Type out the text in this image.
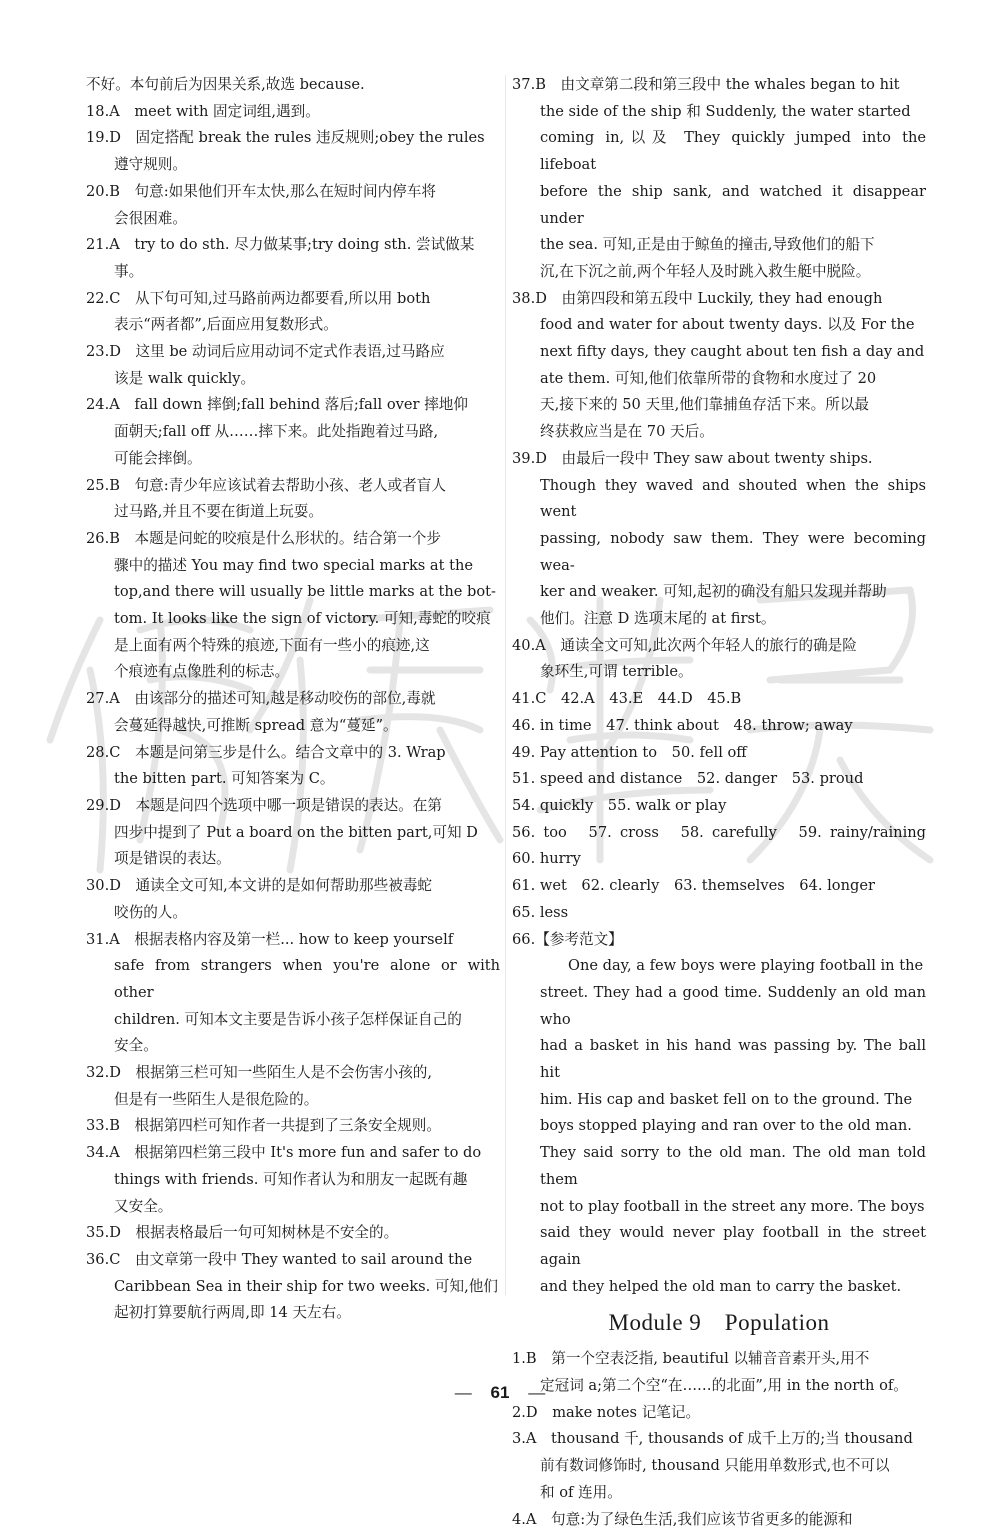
不好。本句前后为因果关系,故选 because.

18.A　meet with 固定词组,遇到。

19.D　固定搭配 break the rules 违反规则;obey the rules

遵守规则。

20.B　句意:如果他们开车太快,那么在短时间内停车将

会很困难。

21.A　try to do sth. 尽力做某事;try doing sth. 尝试做某

事。

22.C　从下句可知,过马路前两边都要看,所以用 both

表示“两者都”,后面应用复数形式。

23.D　这里 be 动词后应用动词不定式作表语,过马路应

该是 walk quickly。

24.A　fall down 摔倒;fall behind 落后;fall over 摔地仰

面朝天;fall off 从……摔下来。此处指跑着过马路,

可能会摔倒。

25.B　句意:青少年应该试着去帮助小孩、老人或者盲人

过马路,并且不要在街道上玩耍。

26.B　本题是问蛇的咬痕是什么形状的。结合第一个步

骤中的描述 You may find two special marks at the

top,and there will usually be little marks at the bot-

tom. It looks like the sign of victory. 可知,毒蛇的咬痕

是上面有两个特殊的痕迹,下面有一些小的痕迹,这

个痕迹有点像胜利的标志。

27.A　由该部分的描述可知,越是移动咬伤的部位,毒就

会蔓延得越快,可推断 spread 意为“蔓延”。

28.C　本题是问第三步是什么。结合文章中的 3. Wrap

the bitten part. 可知答案为 C。

29.D　本题是问四个选项中哪一项是错误的表达。在第

四步中提到了 Put a board on the bitten part,可知 D

项是错误的表达。

30.D　通读全文可知,本文讲的是如何帮助那些被毒蛇

咬伤的人。

31.A　根据表格内容及第一栏... how to keep yourself

safe from strangers when you're alone or with other

children. 可知本文主要是告诉小孩子怎样保证自己的

安全。

32.D　根据第三栏可知一些陌生人是不会伤害小孩的,

但是有一些陌生人是很危险的。

33.B　根据第四栏可知作者一共提到了三条安全规则。

34.A　根据第四栏第三段中 It's more fun and safer to do

things with friends. 可知作者认为和朋友一起既有趣

又安全。

35.D　根据表格最后一句可知树林是不安全的。

36.C　由文章第一段中 They wanted to sail around the

Caribbean Sea in their ship for two weeks. 可知,他们

起初打算要航行两周,即 14 天左右。

37.B　由文章第二段和第三段中 the whales began to hit

the side of the ship 和 Suddenly, the water started

coming in,以及 They quickly jumped into the lifeboat

before the ship sank, and watched it disappear under

the sea. 可知,正是由于鲸鱼的撞击,导致他们的船下

沉,在下沉之前,两个年轻人及时跳入救生艇中脱险。

38.D　由第四段和第五段中 Luckily, they had enough

food and water for about twenty days. 以及 For the

next fifty days, they caught about ten fish a day and

ate them. 可知,他们依靠所带的食物和水度过了 20

天,接下来的 50 天里,他们靠捕鱼存活下来。所以最

终获救应当是在 70 天后。

39.D　由最后一段中 They saw about twenty ships.

Though they waved and shouted when the ships went

passing, nobody saw them. They were becoming wea-

ker and weaker. 可知,起初的确没有船只发现并帮助

他们。注意 D 选项末尾的 at first。

40.A　通读全文可知,此次两个年轻人的旅行的确是险

象环生,可谓 terrible。

41.C　42.A　43.E　44.D　45.B

46. in time　47. think about　48. throw; away

49. Pay attention to　50. fell off

51. speed and distance　52. danger　53. proud

54. quickly　55. walk or play

56. too　57. cross　58. carefully　59. rainy/raining　60. hurry

61. wet　62. clearly　63. themselves　64. longer

65. less

66.【参考范文】

One day, a few boys were playing football in the

street. They had a good time. Suddenly an old man who

had a basket in his hand was passing by. The ball hit

him. His cap and basket fell on to the ground. The

boys stopped playing and ran over to the old man.

They said sorry to the old man. The old man told them

not to play football in the street any more. The boys

said they would never play football in the street again

and they helped the old man to carry the basket.

Module 9　Population

1.B　第一个空表泛指, beautiful 以辅音音素开头,用不

定冠词 a;第二个空“在……的北面”,用 in the north of。

2.D　make notes 记笔记。

3.A　thousand 千, thousands of 成千上万的;当 thousand

前有数词修饰时, thousand 只能用单数形式,也不可以

和 of 连用。

4.A　句意:为了绿色生活,我们应该节省更多的能源和

— 61 —
